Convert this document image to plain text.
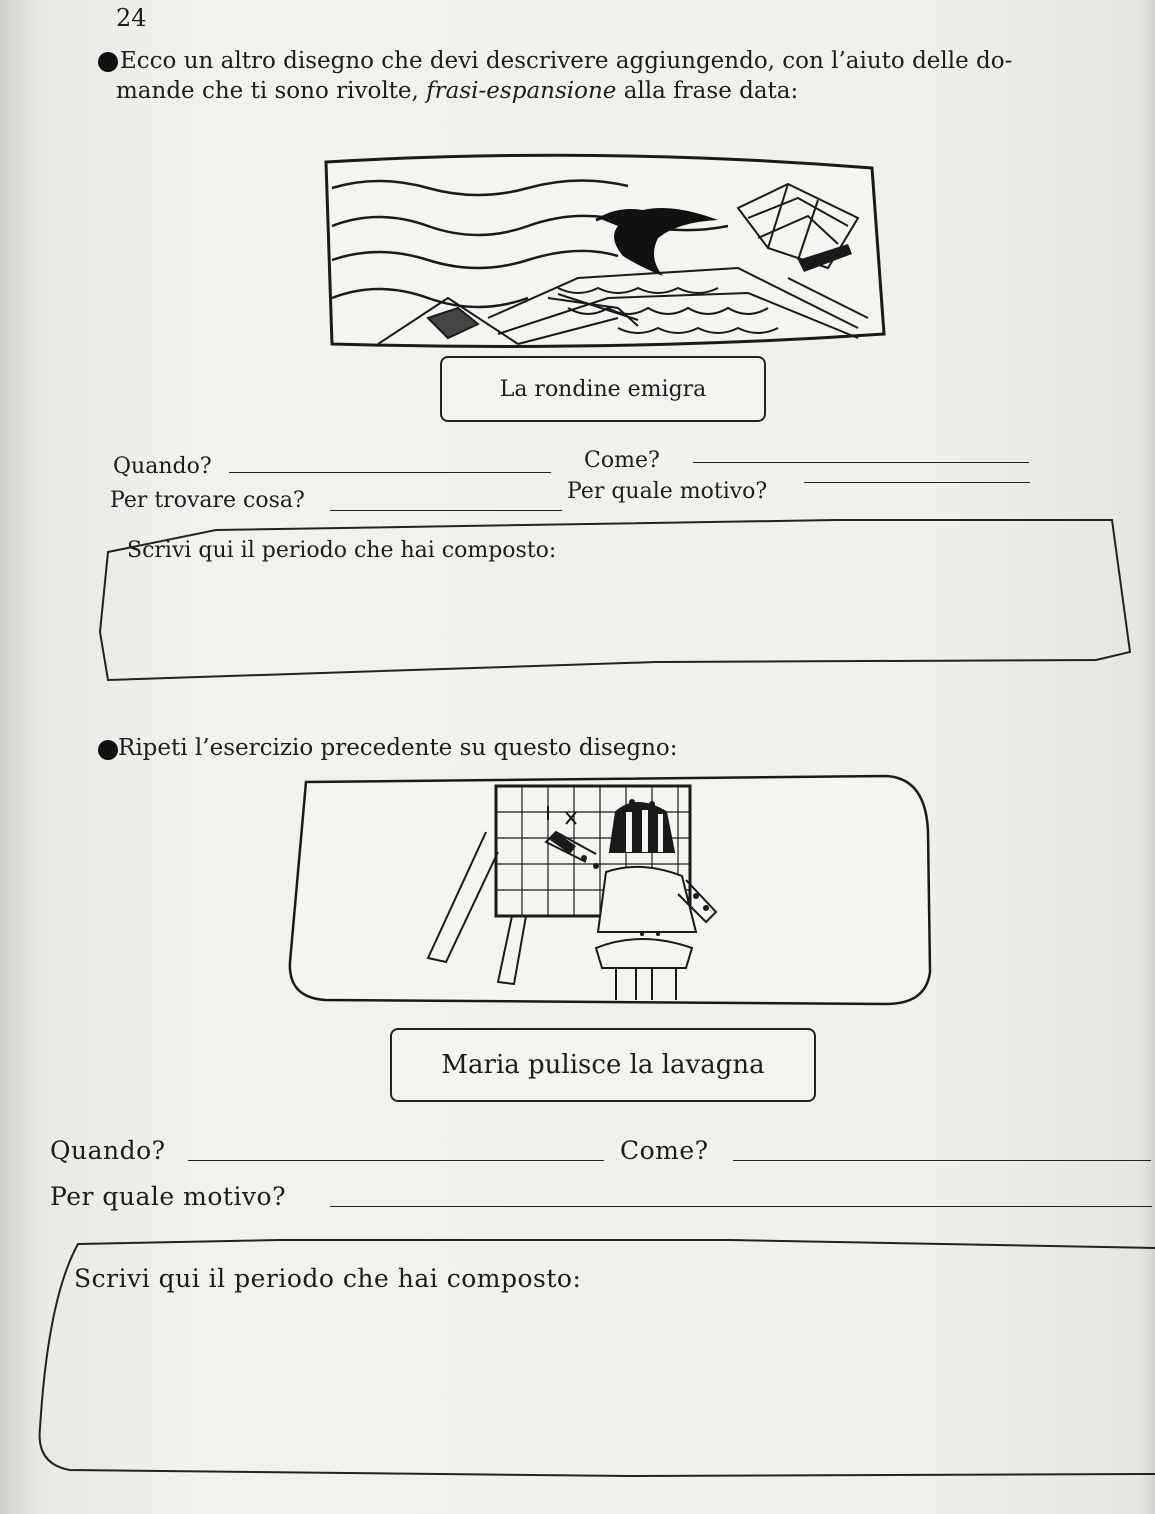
24
Ecco un altro disegno che devi descrivere aggiungendo, con l’aiuto delle do-
mande che ti sono rivolte, frasi-espansione alla frase data:
La rondine emigra
Quando?	Come?
Per trovare cosa?	Per quale motivo?
Scrivi qui il periodo che hai composto:
Ripeti l’esercizio precedente su questo disegno:
Maria pulisce la lavagna
Quando?	Come?
Per quale motivo?
Scrivi qui il periodo che hai composto:
